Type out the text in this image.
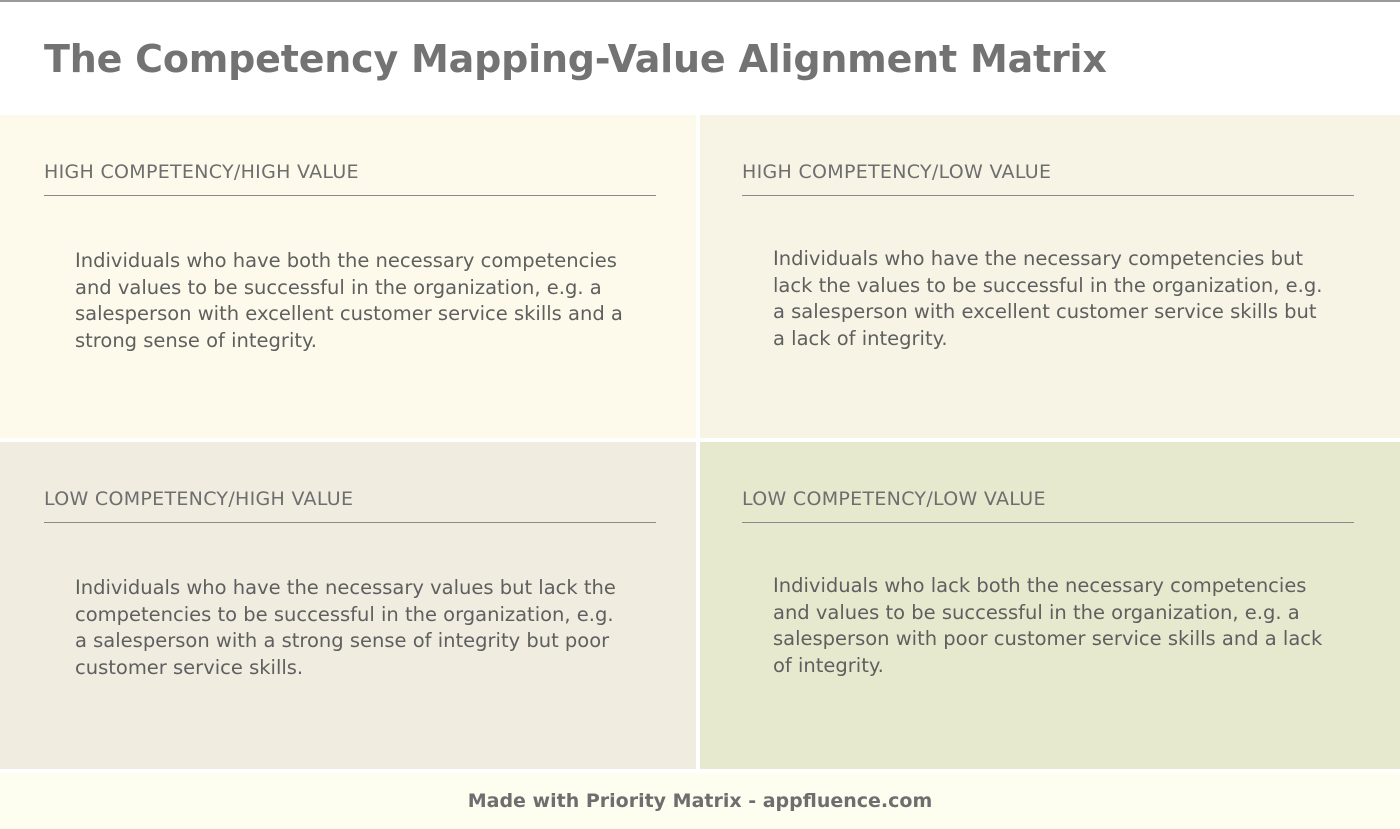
The Competency Mapping-Value Alignment Matrix
HIGH COMPETENCY/HIGH VALUE
Individuals who have both the necessary competencies and values to be successful in the organization, e.g. a salesperson with excellent customer service skills and a strong sense of integrity.
HIGH COMPETENCY/LOW VALUE
Individuals who have the necessary competencies but lack the values to be successful in the organization, e.g. a salesperson with excellent customer service skills but a lack of integrity.
LOW COMPETENCY/HIGH VALUE
Individuals who have the necessary values but lack the competencies to be successful in the organization, e.g. a salesperson with a strong sense of integrity but poor customer service skills.
LOW COMPETENCY/LOW VALUE
Individuals who lack both the necessary competencies and values to be successful in the organization, e.g. a salesperson with poor customer service skills and a lack of integrity.
Made with Priority Matrix - appfluence.com
